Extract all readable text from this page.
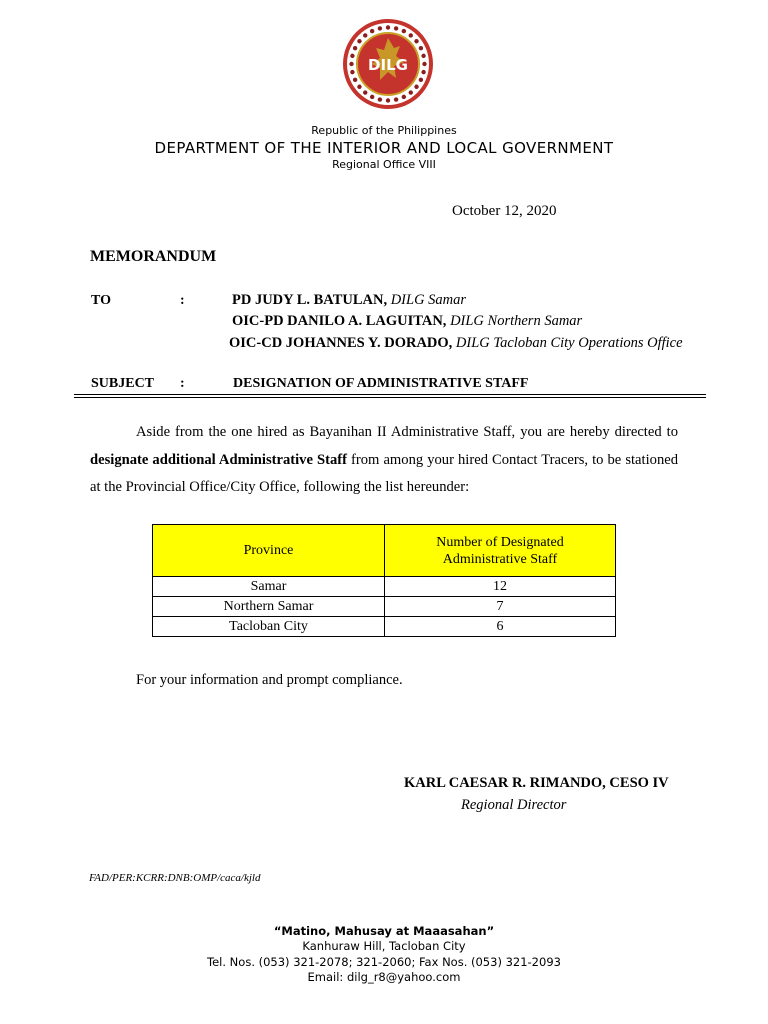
DILG
Republic of the Philippines
DEPARTMENT OF THE INTERIOR AND LOCAL GOVERNMENT
Regional Office VIII
October 12, 2020
MEMORANDUM
TO	:	PD JUDY L. BATULAN, DILG Samar
OIC-PD DANILO A. LAGUITAN, DILG Northern Samar
OIC-CD JOHANNES Y. DORADO, DILG Tacloban City Operations Office
SUBJECT :	DESIGNATION OF ADMINISTRATIVE STAFF
Aside from the one hired as Bayanihan II Administrative Staff, you are hereby directed to designate additional Administrative Staff from among your hired Contact Tracers, to be stationed at the Provincial Office/City Office, following the list hereunder:
Province	Number of Designated Administrative Staff

Samar	12
Northern Samar	7
Tacloban City	6
For your information and prompt compliance.
KARL CAESAR R. RIMANDO, CESO IV
Regional Director
FAD/PER:KCRR:DNB:OMP/caca/kjld
“Matino, Mahusay at Maaasahan”
Kanhuraw Hill, Tacloban City
Tel. Nos. (053) 321-2078; 321-2060; Fax Nos. (053) 321-2093
Email: dilg_r8@yahoo.com
